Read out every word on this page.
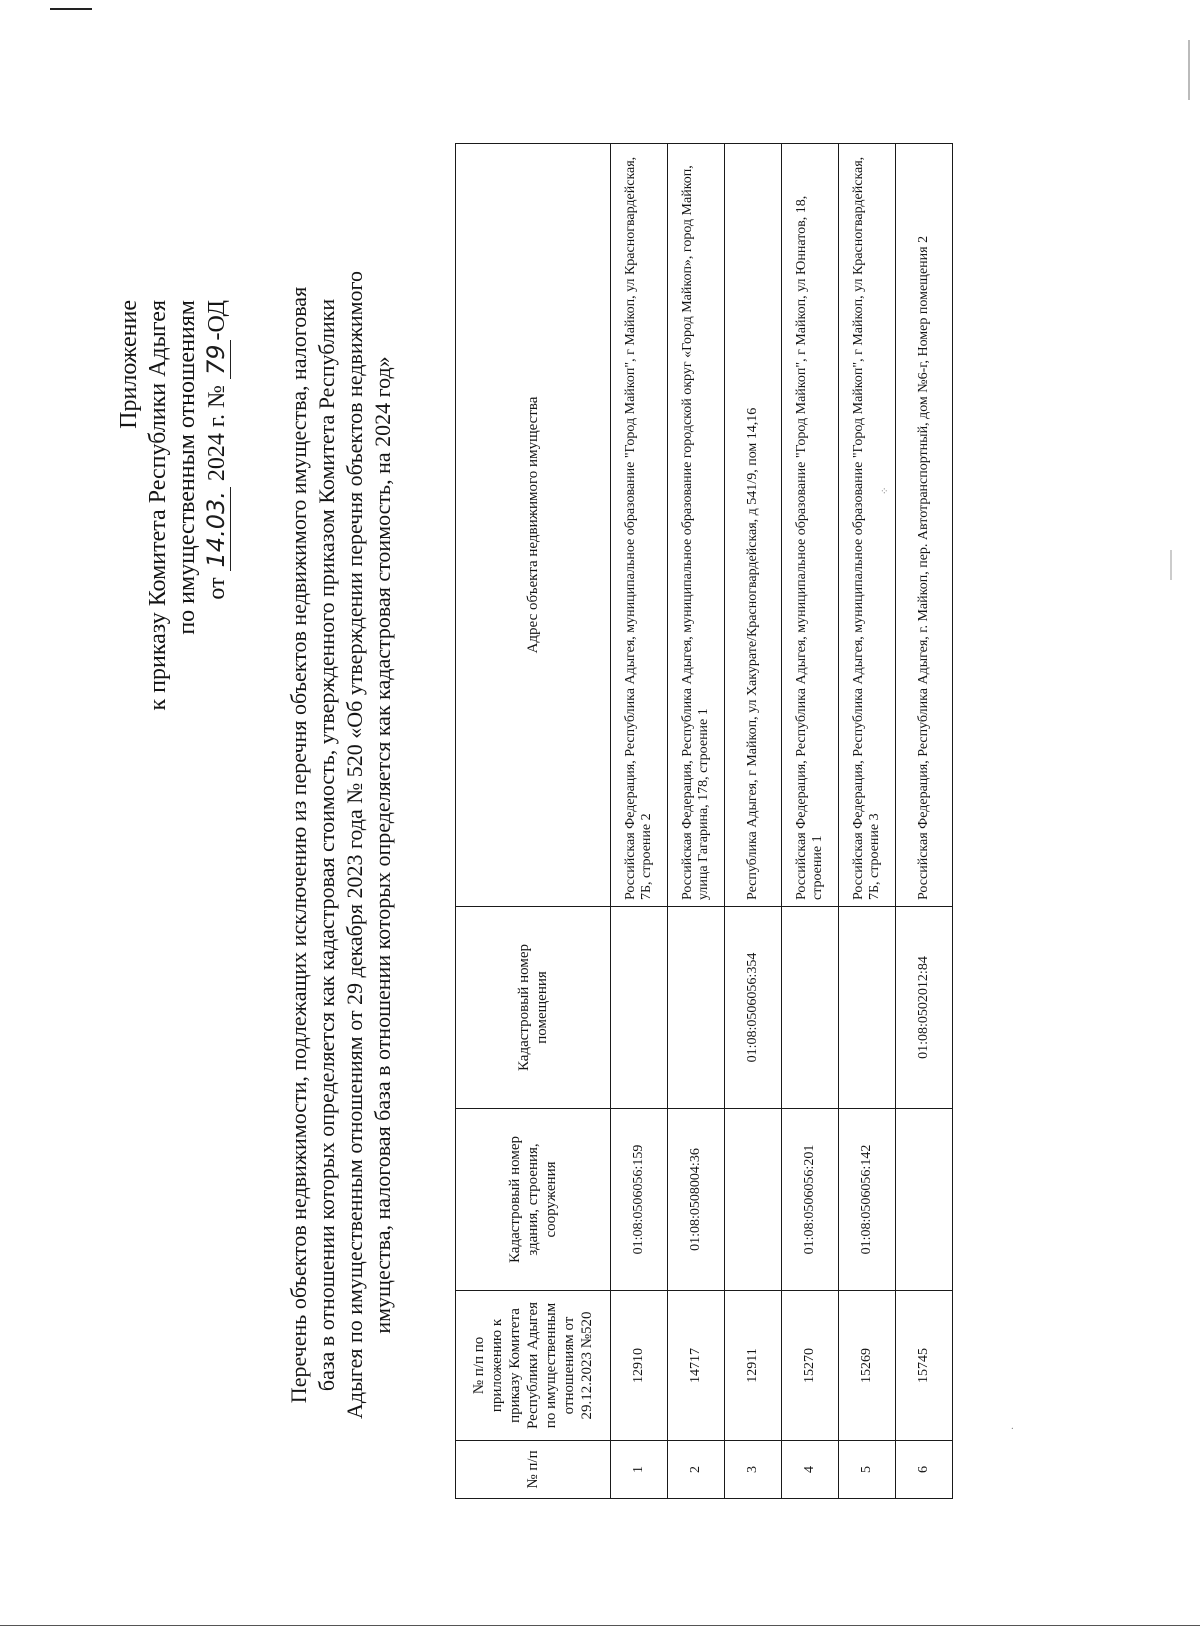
Приложение к приказу Комитета Республики Адыгея по имущественным отношениям от 14.03. 2024 г. № 79-ОД	Перечень объектов недвижимости, подлежащих исключению из перечня объектов недвижимого имущества, налоговая база в отношении которых определяется как кадастровая стоимость, утвержденного приказом Комитета Республики Адыгея по имущественным отношениям от 29 декабря 2023 года № 520 «Об утверждении перечня объектов недвижимого имущества, налоговая база в отношении которых определяется как кадастровая стоимость, на 2024 год»
№ п/п	№ п/п по приложению к приказу Комитета Республики Адыгея по имущественным отношениям от 29.12.2023 №520	Кадастровый номер здания, строения, сооружения	Кадастровый номер помещения	Адрес объекта недвижимого имущества
1	12910	01:08:0506056:159		Российская Федерация, Республика Адыгея, муниципальное образование "Город Майкоп", г Майкоп, ул Красногвардейская, 7Б, строение 2
2	14717	01:08:0508004:36		Российская Федерация, Республика Адыгея, муниципальное образование городской округ «Город Майкоп», город Майкоп, улица Гагарина, 178, строение 1
3	12911		01:08:0506056:354	Республика Адыгея, г Майкоп, ул Хакурате/Красногвардейская, д 541/9, пом 14,16
4	15270	01:08:0506056:201		Российская Федерация, Республика Адыгея, муниципальное образование "Город Майкоп", г Майкоп, ул Юннатов, 18, строение 1
5	15269	01:08:0506056:142		Российская Федерация, Республика Адыгея, муниципальное образование "Город Майкоп", г Майкоп, ул Красногвардейская, 7Б, строение 3
6	15745		01:08:0502012:84	Российская Федерация, Республика Адыгея, г. Майкоп, пер. Автотранспортный, дом №6-г, Номер помещения 2
⁘
·
